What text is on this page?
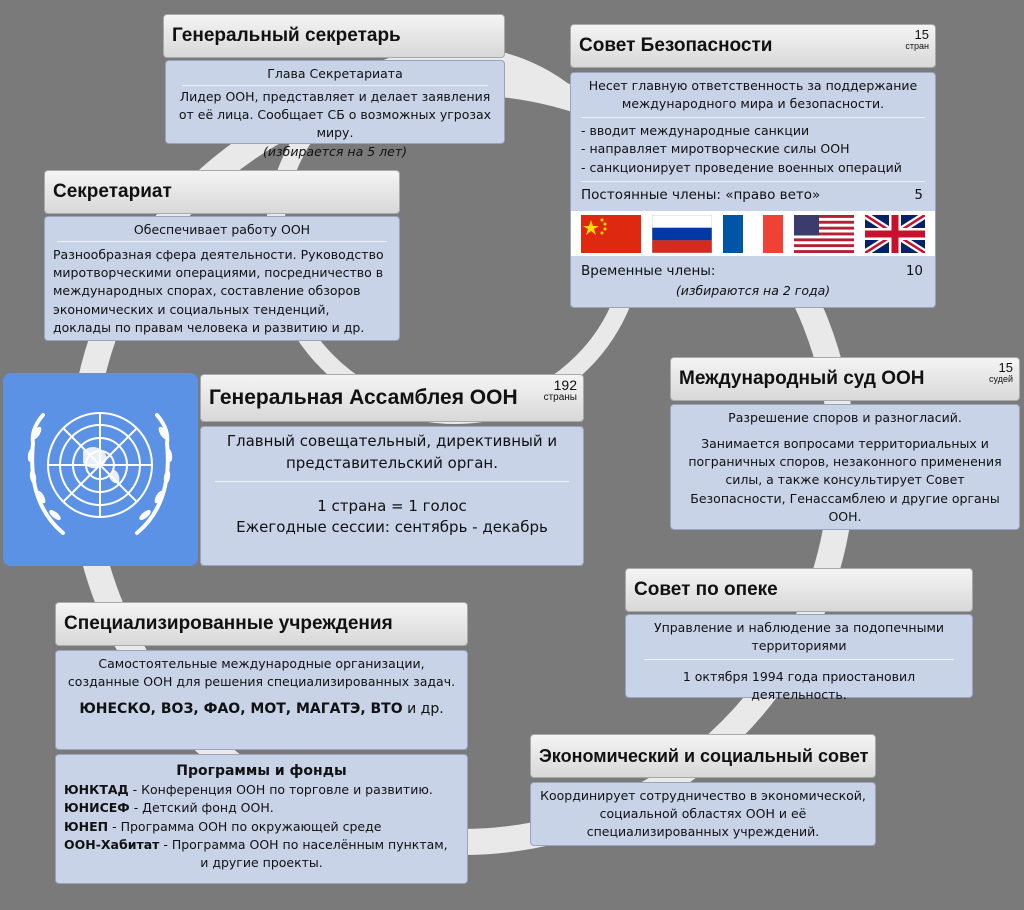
Генеральный секретарь
Глава Секретариата
Лидер ООН, представляет и делает заявления от её лица. Сообщает СБ о возможных угрозах миру.
(избирается на 5 лет)
Секретариат
Обеспечивает работу ООН
Разнообразная сфера деятельности. Руководство миротворческими операциями, посредничество в международных спорах, составление обзоров экономических и социальных тенденций, доклады по правам человека и развитию и др.
Совет Безопасности
15
стран
Несет главную ответственность за поддержание международного мира и безопасности.
- вводит международные санкции
- направляет миротворческие силы ООН
- санкционирует проведение военных операций
Постоянные члены: «право вето»	5
Временные члены:	10
(избираются на 2 года)
Генеральная Ассамблея ООН
192
страны
Главный совещательный, директивный и представительский орган.
1 страна = 1 голос
Ежегодные сессии: сентябрь - декабрь
Международный суд ООН
15
судей
Разрешение споров и разногласий.
Занимается вопросами территориальных и пограничных споров, незаконного применения силы, а также консультирует Совет Безопасности, Генассамблею и другие органы ООН.
Совет по опеке
Управление и наблюдение за подопечными территориями
1 октября 1994 года приостановил деятельность.
Экономический и социальный совет
Координирует сотрудничество в экономической, социальной областях ООН и её специализированных учреждений.
Специализированные учреждения
Самостоятельные международные организации, созданные ООН для решения специализированных задач.
ЮНЕСКО, ВОЗ, ФАО, МОТ, МАГАТЭ, ВТО и др.
Программы и фонды
ЮНКТАД - Конференция ООН по торговле и развитию.
ЮНИСЕФ - Детский фонд ООН.
ЮНЕП - Программа ООН по окружающей среде
ООН-Хабитат - Программа ООН по населённым пунктам,
и другие проекты.
